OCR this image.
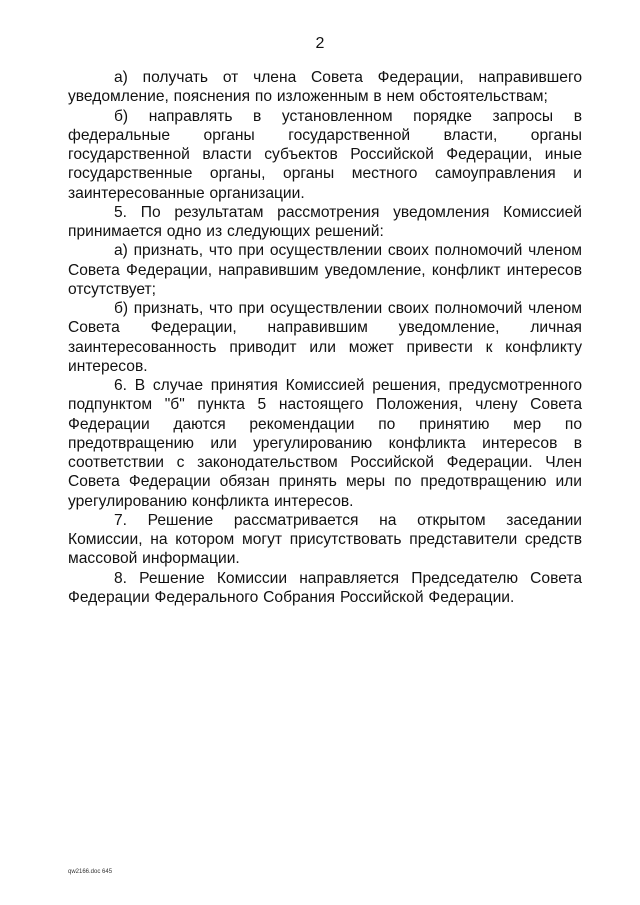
2

а) получать от члена Совета Федерации, направившего уведомление, пояснения по изложенным в нем обстоятельствам;

б) направлять в установленном порядке запросы в федеральные органы государственной власти, органы государственной власти субъектов Российской Федерации, иные государственные органы, органы местного самоуправления и заинтересованные организации.

5. По результатам рассмотрения уведомления Комиссией принимается одно из следующих решений:

а) признать, что при осуществлении своих полномочий членом Совета Федерации, направившим уведомление, конфликт интересов отсутствует;

б) признать, что при осуществлении своих полномочий членом Совета Федерации, направившим уведомление, личная заинтересованность приводит или может привести к конфликту интересов.

6. В случае принятия Комиссией решения, предусмотренного подпунктом "б" пункта 5 настоящего Положения, члену Совета Федерации даются рекомендации по принятию мер по предотвращению или урегулированию конфликта интересов в соответствии с законодательством Российской Федерации. Член Совета Федерации обязан принять меры по предотвращению или урегулированию конфликта интересов.

7. Решение рассматривается на открытом заседании Комиссии, на котором могут присутствовать представители средств массовой информации.

8. Решение Комиссии направляется Председателю Совета Федерации Федерального Собрания Российской Федерации.

qw2166.doc 645
